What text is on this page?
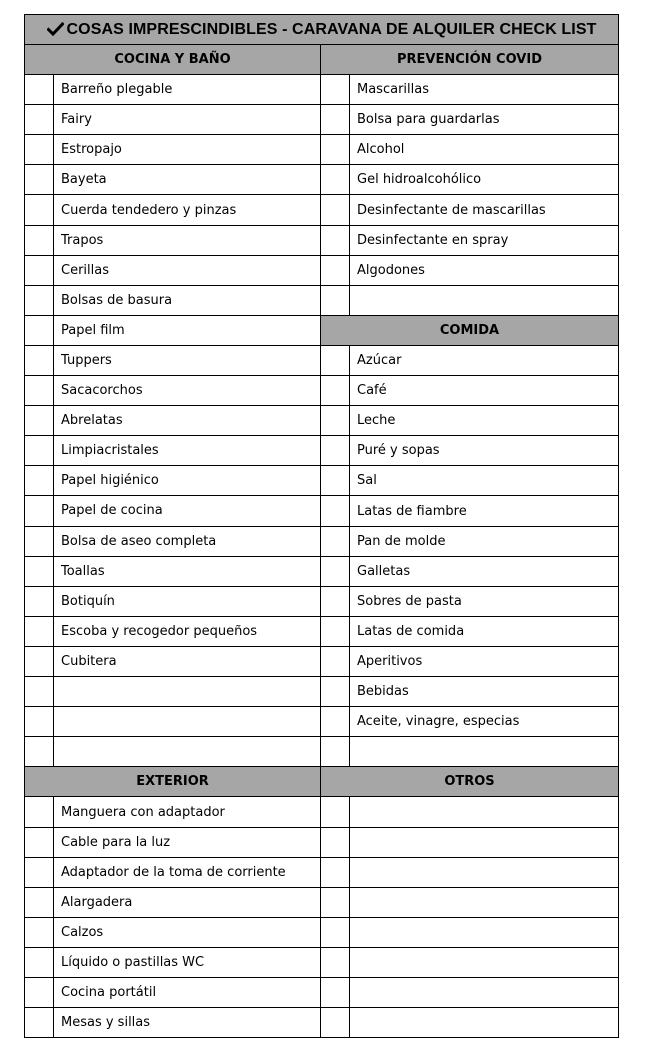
COSAS IMPRESCINDIBLES - CARAVANA DE ALQUILER CHECK LIST
COCINA Y BAÑO
Barreño plegable
Fairy
Estropajo
Bayeta
Cuerda tendedero y pinzas
Trapos
Cerillas
Bolsas de basura
Papel film
Tuppers
Sacacorchos
Abrelatas
Limpiacristales
Papel higiénico
Papel de cocina
Bolsa de aseo completa
Toallas
Botiquín
Escoba y recogedor pequeños
Cubitera
PREVENCIÓN COVID
Mascarillas
Bolsa para guardarlas
Alcohol
Gel hidroalcohólico
Desinfectante de mascarillas
Desinfectante en spray
Algodones
COMIDA
Azúcar
Café
Leche
Puré y sopas
Sal
Latas de fiambre
Pan de molde
Galletas
Sobres de pasta
Latas de comida
Aperitivos
Bebidas
Aceite, vinagre, especias
EXTERIOR
Manguera con adaptador
Cable para la luz
Adaptador de la toma de corriente
Alargadera
Calzos
Líquido o pastillas WC
Cocina portátil
Mesas y sillas
OTROS
